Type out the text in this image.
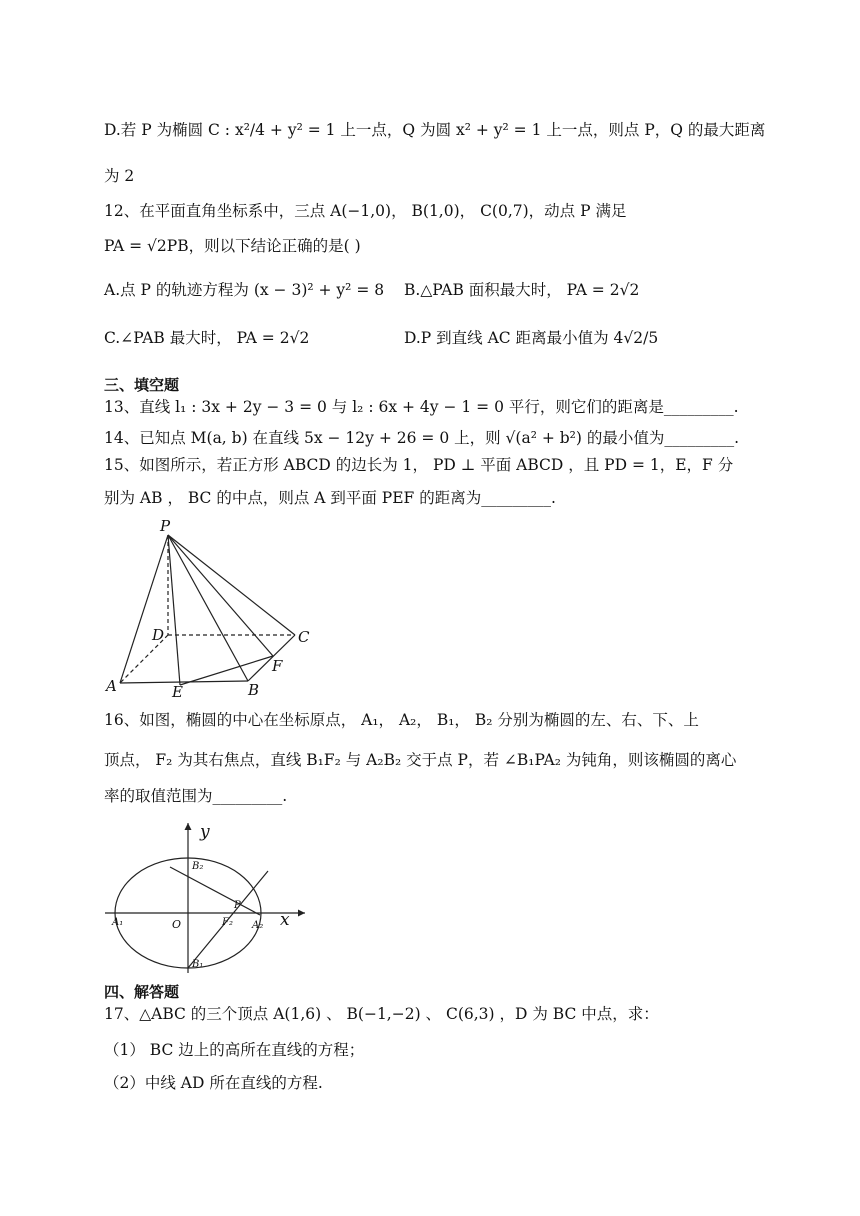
D.若 P 为椭圆 C : x²/4 + y² = 1 上一点，Q 为圆 x² + y² = 1 上一点，则点 P，Q 的最大距离
为 2
12、在平面直角坐标系中，三点 A(−1,0)， B(1,0)， C(0,7)，动点 P 满足
PA = √2PB，则以下结论正确的是( )
A.点 P 的轨迹方程为 (x − 3)² + y² = 8 B.△PAB 面积最大时， PA = 2√2
C.∠PAB 最大时， PA = 2√2	D.P 到直线 AC 距离最小值为 4√2/5
三、填空题
13、直线 l₁ : 3x + 2y − 3 = 0 与 l₂ : 6x + 4y − 1 = 0 平行，则它们的距离是_________.
14、已知点 M(a, b) 在直线 5x − 12y + 26 = 0 上，则 √(a² + b²) 的最小值为_________.
15、如图所示，若正方形 ABCD 的边长为 1， PD ⊥ 平面 ABCD ，且 PD = 1，E，F 分
别为 AB ， BC 的中点，则点 A 到平面 PEF 的距离为_________.
P
D	C
A	E	B
F
16、如图，椭圆的中心在坐标原点， A₁， A₂， B₁， B₂ 分别为椭圆的左、右、下、上
顶点， F₂ 为其右焦点，直线 B₁F₂ 与 A₂B₂ 交于点 P，若 ∠B₁PA₂ 为钝角，则该椭圆的离心
率的取值范围为_________.
y
x
O
B₂
B₁
A₁	A₂
P
F₂
四、解答题
17、△ABC 的三个顶点 A(1,6) 、 B(−1,−2) 、 C(6,3) ，D 为 BC 中点，求：
（1） BC 边上的高所在直线的方程；
（2）中线 AD 所在直线的方程.
